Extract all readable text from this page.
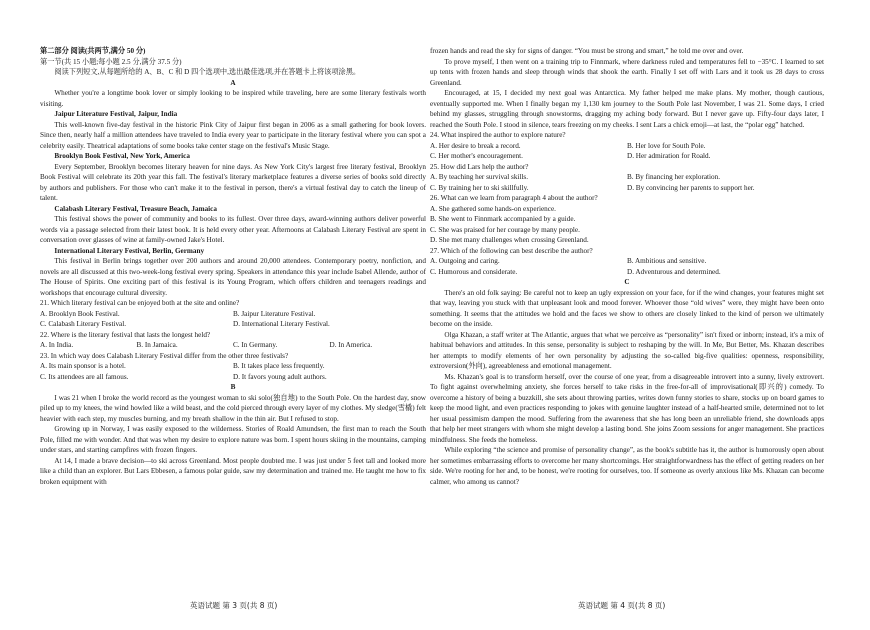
第二部分 阅读(共两节,满分 50 分)

第一节(共 15 小题;每小题 2.5 分,满分 37.5 分)

阅读下列短文,从每题所给的 A、B、C 和 D 四个选项中,选出最佳选项,并在答题卡上将该项涂黑。

A

Whether you're a longtime book lover or simply looking to be inspired while traveling, here are some literary festivals worth visiting.

Jaipur Literature Festival, Jaipur, India

This well-known five-day festival in the historic Pink City of Jaipur first began in 2006 as a small gathering for book lovers. Since then, nearly half a million attendees have traveled to India every year to participate in the literary festival where you can spot a celebrity easily. Theatrical adaptations of some books take center stage on the festival's Music Stage.

Brooklyn Book Festival, New York, America

Every September, Brooklyn becomes literary heaven for nine days. As New York City's largest free literary festival, Brooklyn Book Festival will celebrate its 20th year this fall. The festival's literary marketplace features a diverse series of books sold directly by authors and publishers. For those who can't make it to the festival in person, there's a virtual festival day to catch the lineup of talent.

Calabash Literary Festival, Treasure Beach, Jamaica

This festival shows the power of community and books to its fullest. Over three days, award-winning authors deliver powerful words via a passage selected from their latest book. It is held every other year. Afternoons at Calabash Literary Festival are spent in conversation over glasses of wine at family-owned Jake's Hotel.

International Literary Festival, Berlin, Germany

This festival in Berlin brings together over 200 authors and around 20,000 attendees. Contemporary poetry, nonfiction, and novels are all discussed at this two-week-long festival every spring. Speakers in attendance this year include Isabel Allende, author of The House of Spirits. One exciting part of this festival is its Young Program, which offers children and teenagers readings and workshops that encourage cultural diversity.

21. Which literary festival can be enjoyed both at the site and online?

A. Brooklyn Book Festival.	B. Jaipur Literature Festival.
C. Calabash Literary Festival.	D. International Literary Festival.

22. Where is the literary festival that lasts the longest held?

A. In India.	B. In Jamaica.	C. In Germany.	D. In America.

23. In which way does Calabash Literary Festival differ from the other three festivals?

A. Its main sponsor is a hotel.	B. It takes place less frequently.
C. Its attendees are all famous.	D. It favors young adult authors.

B

I was 21 when I broke the world record as the youngest woman to ski solo(独自地) to the South Pole. On the hardest day, snow piled up to my knees, the wind howled like a wild beast, and the cold pierced through every layer of my clothes. My sledge(雪橇) felt heavier with each step, my muscles burning, and my breath shallow in the thin air. But I refused to stop.

Growing up in Norway, I was easily exposed to the wilderness. Stories of Roald Amundsen, the first man to reach the South Pole, filled me with wonder. And that was when my desire to explore nature was born. I spent hours skiing in the mountains, camping under stars, and starting campfires with frozen fingers.

At 14, I made a brave decision—to ski across Greenland. Most people doubted me. I was just under 5 feet tall and looked more like a child than an explorer. But Lars Ebbesen, a famous polar guide, saw my determination and trained me. He taught me how to fix broken equipment with

frozen hands and read the sky for signs of danger. “You must be strong and smart,” he told me over and over.

To prove myself, I then went on a training trip to Finnmark, where darkness ruled and temperatures fell to −35°C. I learned to set up tents with frozen hands and sleep through winds that shook the earth. Finally I set off with Lars and it took us 28 days to cross Greenland.

Encouraged, at 15, I decided my next goal was Antarctica. My father helped me make plans. My mother, though cautious, eventually supported me. When I finally began my 1,130 km journey to the South Pole last November, I was 21. Some days, I cried behind my glasses, struggling through snowstorms, dragging my aching body forward. But I never gave up. Fifty-four days later, I reached the South Pole. I stood in silence, tears freezing on my cheeks. I sent Lars a chick emoji—at last, the “polar egg” hatched.

24. What inspired the author to explore nature?

A. Her desire to break a record.	B. Her love for South Pole.
C. Her mother's encouragement.	D. Her admiration for Roald.

25. How did Lars help the author?

A. By teaching her survival skills.	B. By financing her exploration.
C. By training her to ski skillfully.	D. By convincing her parents to support her.

26. What can we learn from paragraph 4 about the author?

A. She gathered some hands-on experience.

B. She went to Finnmark accompanied by a guide.

C. She was praised for her courage by many people.

D. She met many challenges when crossing Greenland.

27. Which of the following can best describe the author?

A. Outgoing and caring.	B. Ambitious and sensitive.
C. Humorous and considerate.	D. Adventurous and determined.

C

There's an old folk saying: Be careful not to keep an ugly expression on your face, for if the wind changes, your features might set that way, leaving you stuck with that unpleasant look and mood forever. Whoever those “old wives” were, they might have been onto something. It seems that the attitudes we hold and the faces we show to others are closely linked to the kind of person we ultimately become on the inside.

Olga Khazan, a staff writer at The Atlantic, argues that what we perceive as “personality” isn't fixed or inborn; instead, it's a mix of habitual behaviors and attitudes. In this sense, personality is subject to reshaping by the will. In Me, But Better, Ms. Khazan describes her attempts to modify elements of her own personality by adjusting the so-called big-five qualities: openness, responsibility, extroversion(外向), agreeableness and emotional management.

Ms. Khazan's goal is to transform herself, over the course of one year, from a disagreeable introvert into a sunny, lively extrovert. To fight against overwhelming anxiety, she forces herself to take risks in the free-for-all of improvisational(即兴的) comedy. To overcome a history of being a buzzkill, she sets about throwing parties, writes down funny stories to share, stocks up on board games to keep the mood light, and even practices responding to jokes with genuine laughter instead of a half-hearted smile, determined not to let her usual pessimism dampen the mood. Suffering from the awareness that she has long been an unreliable friend, she downloads apps that help her meet strangers with whom she might develop a lasting bond. She joins Zoom sessions for anger management. She practices mindfulness. She feeds the homeless.

While exploring “the science and promise of personality change”, as the book's subtitle has it, the author is humorously open about her sometimes embarrassing efforts to overcome her many shortcomings. Her straightforwardness has the effect of getting readers on her side. We're rooting for her and, to be honest, we're rooting for ourselves, too. If someone as overly anxious like Ms. Khazan can become calmer, who among us cannot?

英语试题 第 3 页(共 8 页)	英语试题 第 4 页(共 8 页)
